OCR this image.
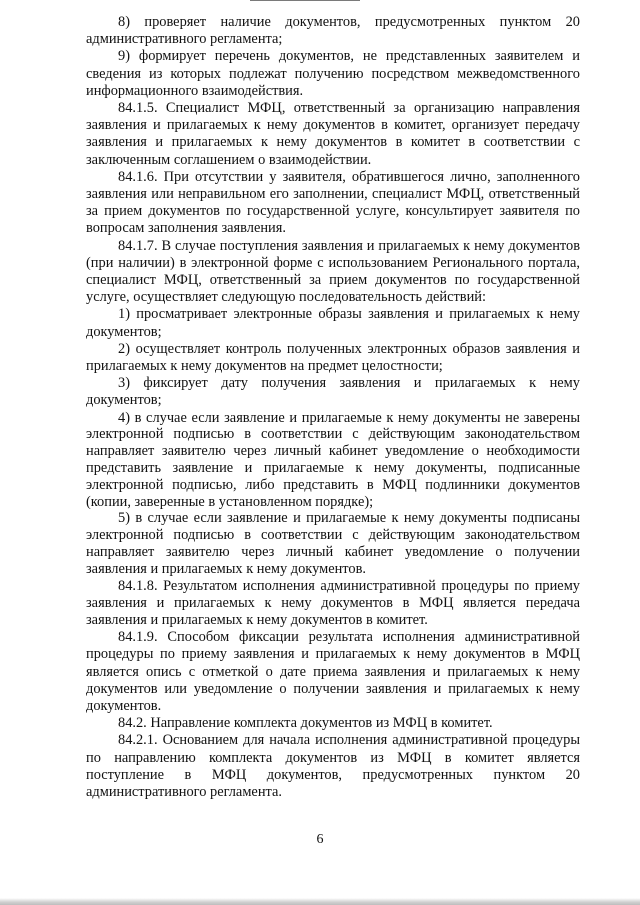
8) проверяет наличие документов, предусмотренных пунктом 20 административного регламента;

9) формирует перечень документов, не представленных заявителем и сведения из которых подлежат получению посредством межведомственного информационного взаимодействия.

84.1.5. Специалист МФЦ, ответственный за организацию направления заявления и прилагаемых к нему документов в комитет, организует передачу заявления и прилагаемых к нему документов в комитет в соответствии с заключенным соглашением о взаимодействии.

84.1.6. При отсутствии у заявителя, обратившегося лично, заполненного заявления или неправильном его заполнении, специалист МФЦ, ответственный за прием документов по государственной услуге, консультирует заявителя по вопросам заполнения заявления.

84.1.7. В случае поступления заявления и прилагаемых к нему документов (при наличии) в электронной форме с использованием Регионального портала, специалист МФЦ, ответственный за прием документов по государственной услуге, осуществляет следующую последовательность действий:

1) просматривает электронные образы заявления и прилагаемых к нему документов;

2) осуществляет контроль полученных электронных образов заявления и прилагаемых к нему документов на предмет целостности;

3) фиксирует дату получения заявления и прилагаемых к нему документов;

4) в случае если заявление и прилагаемые к нему документы не заверены электронной подписью в соответствии с действующим законодательством направляет заявителю через личный кабинет уведомление о необходимости представить заявление и прилагаемые к нему документы, подписанные электронной подписью, либо представить в МФЦ подлинники документов (копии, заверенные в установленном порядке);

5) в случае если заявление и прилагаемые к нему документы подписаны электронной подписью в соответствии с действующим законодательством направляет заявителю через личный кабинет уведомление о получении заявления и прилагаемых к нему документов.

84.1.8. Результатом исполнения административной процедуры по приему заявления и прилагаемых к нему документов в МФЦ является передача заявления и прилагаемых к нему документов в комитет.

84.1.9. Способом фиксации результата исполнения административной процедуры по приему заявления и прилагаемых к нему документов в МФЦ является опись с отметкой о дате приема заявления и прилагаемых к нему документов или уведомление о получении заявления и прилагаемых к нему документов.

84.2. Направление комплекта документов из МФЦ в комитет.

84.2.1. Основанием для начала исполнения административной процедуры по направлению комплекта документов из МФЦ в комитет является поступление в МФЦ документов, предусмотренных пунктом 20 административного регламента.

6
